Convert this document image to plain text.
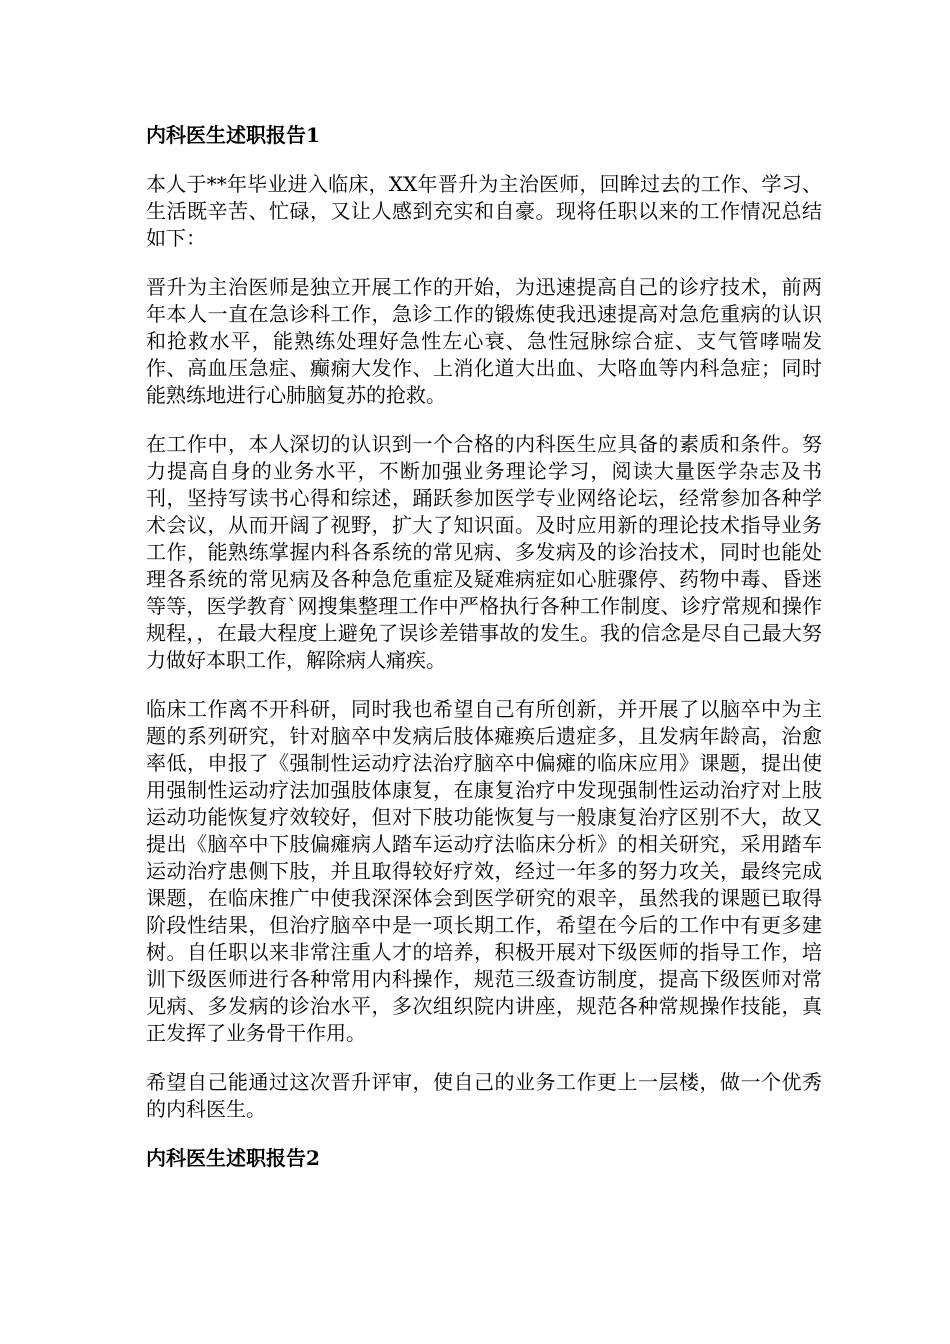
内科医生述职报告1

本人于**年毕业进入临床，XX年晋升为主治医师，回眸过去的工作、学习、生活既辛苦、忙碌，又让人感到充实和自豪。现将任职以来的工作情况总结如下：

晋升为主治医师是独立开展工作的开始，为迅速提高自己的诊疗技术，前两年本人一直在急诊科工作，急诊工作的锻炼使我迅速提高对急危重病的认识和抢救水平，能熟练处理好急性左心衰、急性冠脉综合症、支气管哮喘发作、高血压急症、癫痫大发作、上消化道大出血、大咯血等内科急症；同时能熟练地进行心肺脑复苏的抢救。

在工作中，本人深切的认识到一个合格的内科医生应具备的素质和条件。努力提高自身的业务水平，不断加强业务理论学习，阅读大量医学杂志及书刊，坚持写读书心得和综述，踊跃参加医学专业网络论坛，经常参加各种学术会议，从而开阔了视野，扩大了知识面。及时应用新的理论技术指导业务工作，能熟练掌握内科各系统的常见病、多发病及的诊治技术，同时也能处理各系统的常见病及各种急危重症及疑难病症如心脏骤停、药物中毒、昏迷等等，医学教育`网搜集整理工作中严格执行各种工作制度、诊疗常规和操作规程，，在最大程度上避免了误诊差错事故的发生。我的信念是尽自己最大努力做好本职工作，解除病人痛疾。

临床工作离不开科研，同时我也希望自己有所创新，并开展了以脑卒中为主题的系列研究，针对脑卒中发病后肢体瘫痪后遗症多，且发病年龄高，治愈率低，申报了《强制性运动疗法治疗脑卒中偏瘫的临床应用》课题，提出使用强制性运动疗法加强肢体康复，在康复治疗中发现强制性运动治疗对上肢运动功能恢复疗效较好，但对下肢功能恢复与一般康复治疗区别不大，故又提出《脑卒中下肢偏瘫病人踏车运动疗法临床分析》的相关研究，采用踏车运动治疗患侧下肢，并且取得较好疗效，经过一年多的努力攻关，最终完成课题，在临床推广中使我深深体会到医学研究的艰辛，虽然我的课题已取得阶段性结果，但治疗脑卒中是一项长期工作，希望在今后的工作中有更多建树。自任职以来非常注重人才的培养，积极开展对下级医师的指导工作，培训下级医师进行各种常用内科操作，规范三级查访制度，提高下级医师对常见病、多发病的诊治水平，多次组织院内讲座，规范各种常规操作技能，真正发挥了业务骨干作用。

希望自己能通过这次晋升评审，使自己的业务工作更上一层楼，做一个优秀的内科医生。

内科医生述职报告2
